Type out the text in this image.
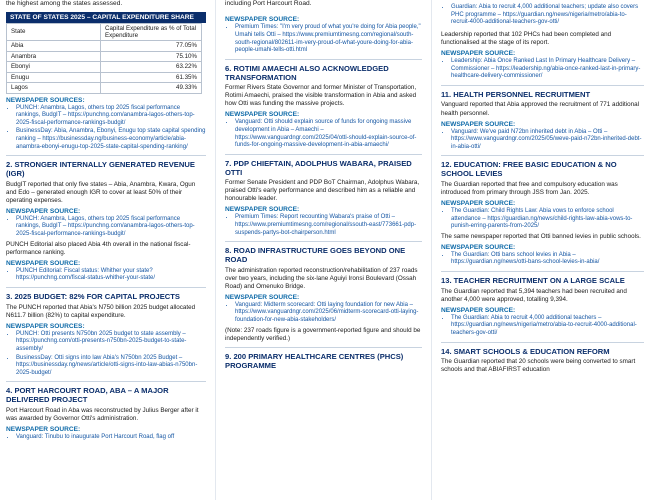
the highest among the states assessed.

STATE OF STATES 2025 – CAPITAL EXPENDITURE SHARE
State	Capital Expenditure as % of Total Expenditure
Abia	77.05%
Anambra	75.10%
Ebonyi	63.22%
Enugu	61.35%
Lagos	49.33%
NEWSPAPER SOURCES:
• PUNCH: Anambra, Lagos, others top 2025 fiscal performance rankings, BudgIT – https://punchng.com/anambra-lagos-others-top-2025-fiscal-performance-rankings-budgit/
• BusinessDay: Abia, Anambra, Ebonyi, Enugu top state capital spending ranking – https://businessday.ng/business-economy/article/abia-anambra-ebonyi-enugu-top-2025-state-capital-spending-ranking/
2. STRONGER INTERNALLY GENERATED REVENUE (IGR)

BudgIT reported that only five states – Abia, Anambra, Kwara, Ogun and Edo – generated enough IGR to cover at least 50% of their operating expenses.

NEWSPAPER SOURCE:
• PUNCH: Anambra, Lagos, others top 2025 fiscal performance rankings, BudgIT – https://punchng.com/anambra-lagos-others-top-2025-fiscal-performance-rankings-budgit/

PUNCH Editorial also placed Abia 4th overall in the national fiscal-performance ranking.

NEWSPAPER SOURCE:
• PUNCH Editorial: Fiscal status: Whither your state? https://punchng.com/fiscal-status-whither-your-state/
3. 2025 BUDGET: 82% FOR CAPITAL PROJECTS

The PUNCH reported that Abia's N750 billion 2025 budget allocated N611.7 billion (82%) to capital expenditure.

NEWSPAPER SOURCES:
• PUNCH: Otti presents N750bn 2025 budget to state assembly – https://punchng.com/otti-presents-n750bn-2025-budget-to-state-assembly/
• BusinessDay: Otti signs into law Abia's N750bn 2025 Budget – https://businessday.ng/news/article/otti-signs-into-law-abias-n750bn-2025-budget/
4. PORT HARCOURT ROAD, ABA – A MAJOR DELIVERED PROJECT

Port Harcourt Road in Aba was reconstructed by Julius Berger after it was awarded by Governor Otti's administration.

NEWSPAPER SOURCE:
• Vanguard: Tinubu to inaugurate Port Harcourt Road, flag off

including Port Harcourt Road.

NEWSPAPER SOURCE:
• Premium Times: "I'm very proud of what you're doing for Abia people," Umahi tells Otti – https://www.premiumtimesng.com/regional/south-south-regional/802611-im-very-proud-of-what-youre-doing-for-abia-people-umahi-tells-otti.html
6. ROTIMI AMAECHI ALSO ACKNOWLEDGED TRANSFORMATION

Former Rivers State Governor and former Minister of Transportation, Rotimi Amaechi, praised the visible transformation in Abia and asked how Otti was funding the massive projects.

NEWSPAPER SOURCE:
• Vanguard: Otti should explain source of funds for ongoing massive development in Abia – Amaechi – https://www.vanguardngr.com/2025/04/otti-should-explain-source-of-funds-for-ongoing-massive-development-in-abia-amaechi/
7. PDP CHIEFTAIN, ADOLPHUS WABARA, PRAISED OTTI

Former Senate President and PDP BoT Chairman, Adolphus Wabara, praised Otti's early performance and described him as a reliable and honourable leader.

NEWSPAPER SOURCE:
• Premium Times: Report recounting Wabara's praise of Otti – https://www.premiumtimesng.com/regional/ssouth-east/773661-pdp-suspends-partys-bot-chairperson.html
8. ROAD INFRASTRUCTURE GOES BEYOND ONE ROAD

The administration reported reconstruction/rehabilitation of 237 roads over two years, including the six-lane Aguiyi Ironsi Boulevard (Ossah Road) and Omenuko Bridge.

NEWSPAPER SOURCE:
• Vanguard: Midterm scorecard: Otti laying foundation for new Abia – https://www.vanguardngr.com/2025/06/midterm-scorecard-otti-laying-foundation-for-new-abia-stakeholders/

(Note: 237 roads figure is a government-reported figure and should be independently verified.)

9. 200 PRIMARY HEALTHCARE CENTRES (PHCS) PROGRAMME
• Guardian: Abia to recruit 4,000 additional teachers; update also covers PHC programme – https://guardian.ng/news/nigeria/metro/abia-to-recruit-4000-additional-teachers-gov-otti/

Leadership reported that 102 PHCs had been completed and functionalised at the stage of its report.

NEWSPAPER SOURCE:
• Leadership: Abia Once Ranked Last In Primary Healthcare Delivery – Commissioner – https://leadership.ng/abia-once-ranked-last-in-primary-healthcare-delivery-commissioner/
11. HEALTH PERSONNEL RECRUITMENT

Vanguard reported that Abia approved the recruitment of 771 additional health personnel.

NEWSPAPER SOURCE:
• Vanguard: We've paid N72bn inherited debt in Abia – Otti – https://www.vanguardngr.com/2025/05/weve-paid-n72bn-inherited-debt-in-abia-otti/
12. EDUCATION: FREE BASIC EDUCATION & NO SCHOOL LEVIES

The Guardian reported that free and compulsory education was introduced from primary through JSS from Jan. 2025.

NEWSPAPER SOURCE:
• The Guardian: Child Rights Law: Abia vows to enforce school attendance – https://guardian.ng/news/child-rights-law-abia-vows-to-punish-erring-parents-from-2025/

The same newspaper reported that Otti banned levies in public schools.

NEWSPAPER SOURCE:
• The Guardian: Otti bans school levies in Abia – https://guardian.ng/news/otti-bans-school-levies-in-abia/
13. TEACHER RECRUITMENT ON A LARGE SCALE

The Guardian reported that 5,394 teachers had been recruited and another 4,000 were approved, totalling 9,394.

NEWSPAPER SOURCE:
• The Guardian: Abia to recruit 4,000 additional teachers – https://guardian.ng/news/nigeria/metro/abia-to-recruit-4000-additional-teachers-gov-otti/
14. SMART SCHOOLS & EDUCATION REFORM

The Guardian reported that 20 schools were being converted to smart schools and that ABIAFIRST education
